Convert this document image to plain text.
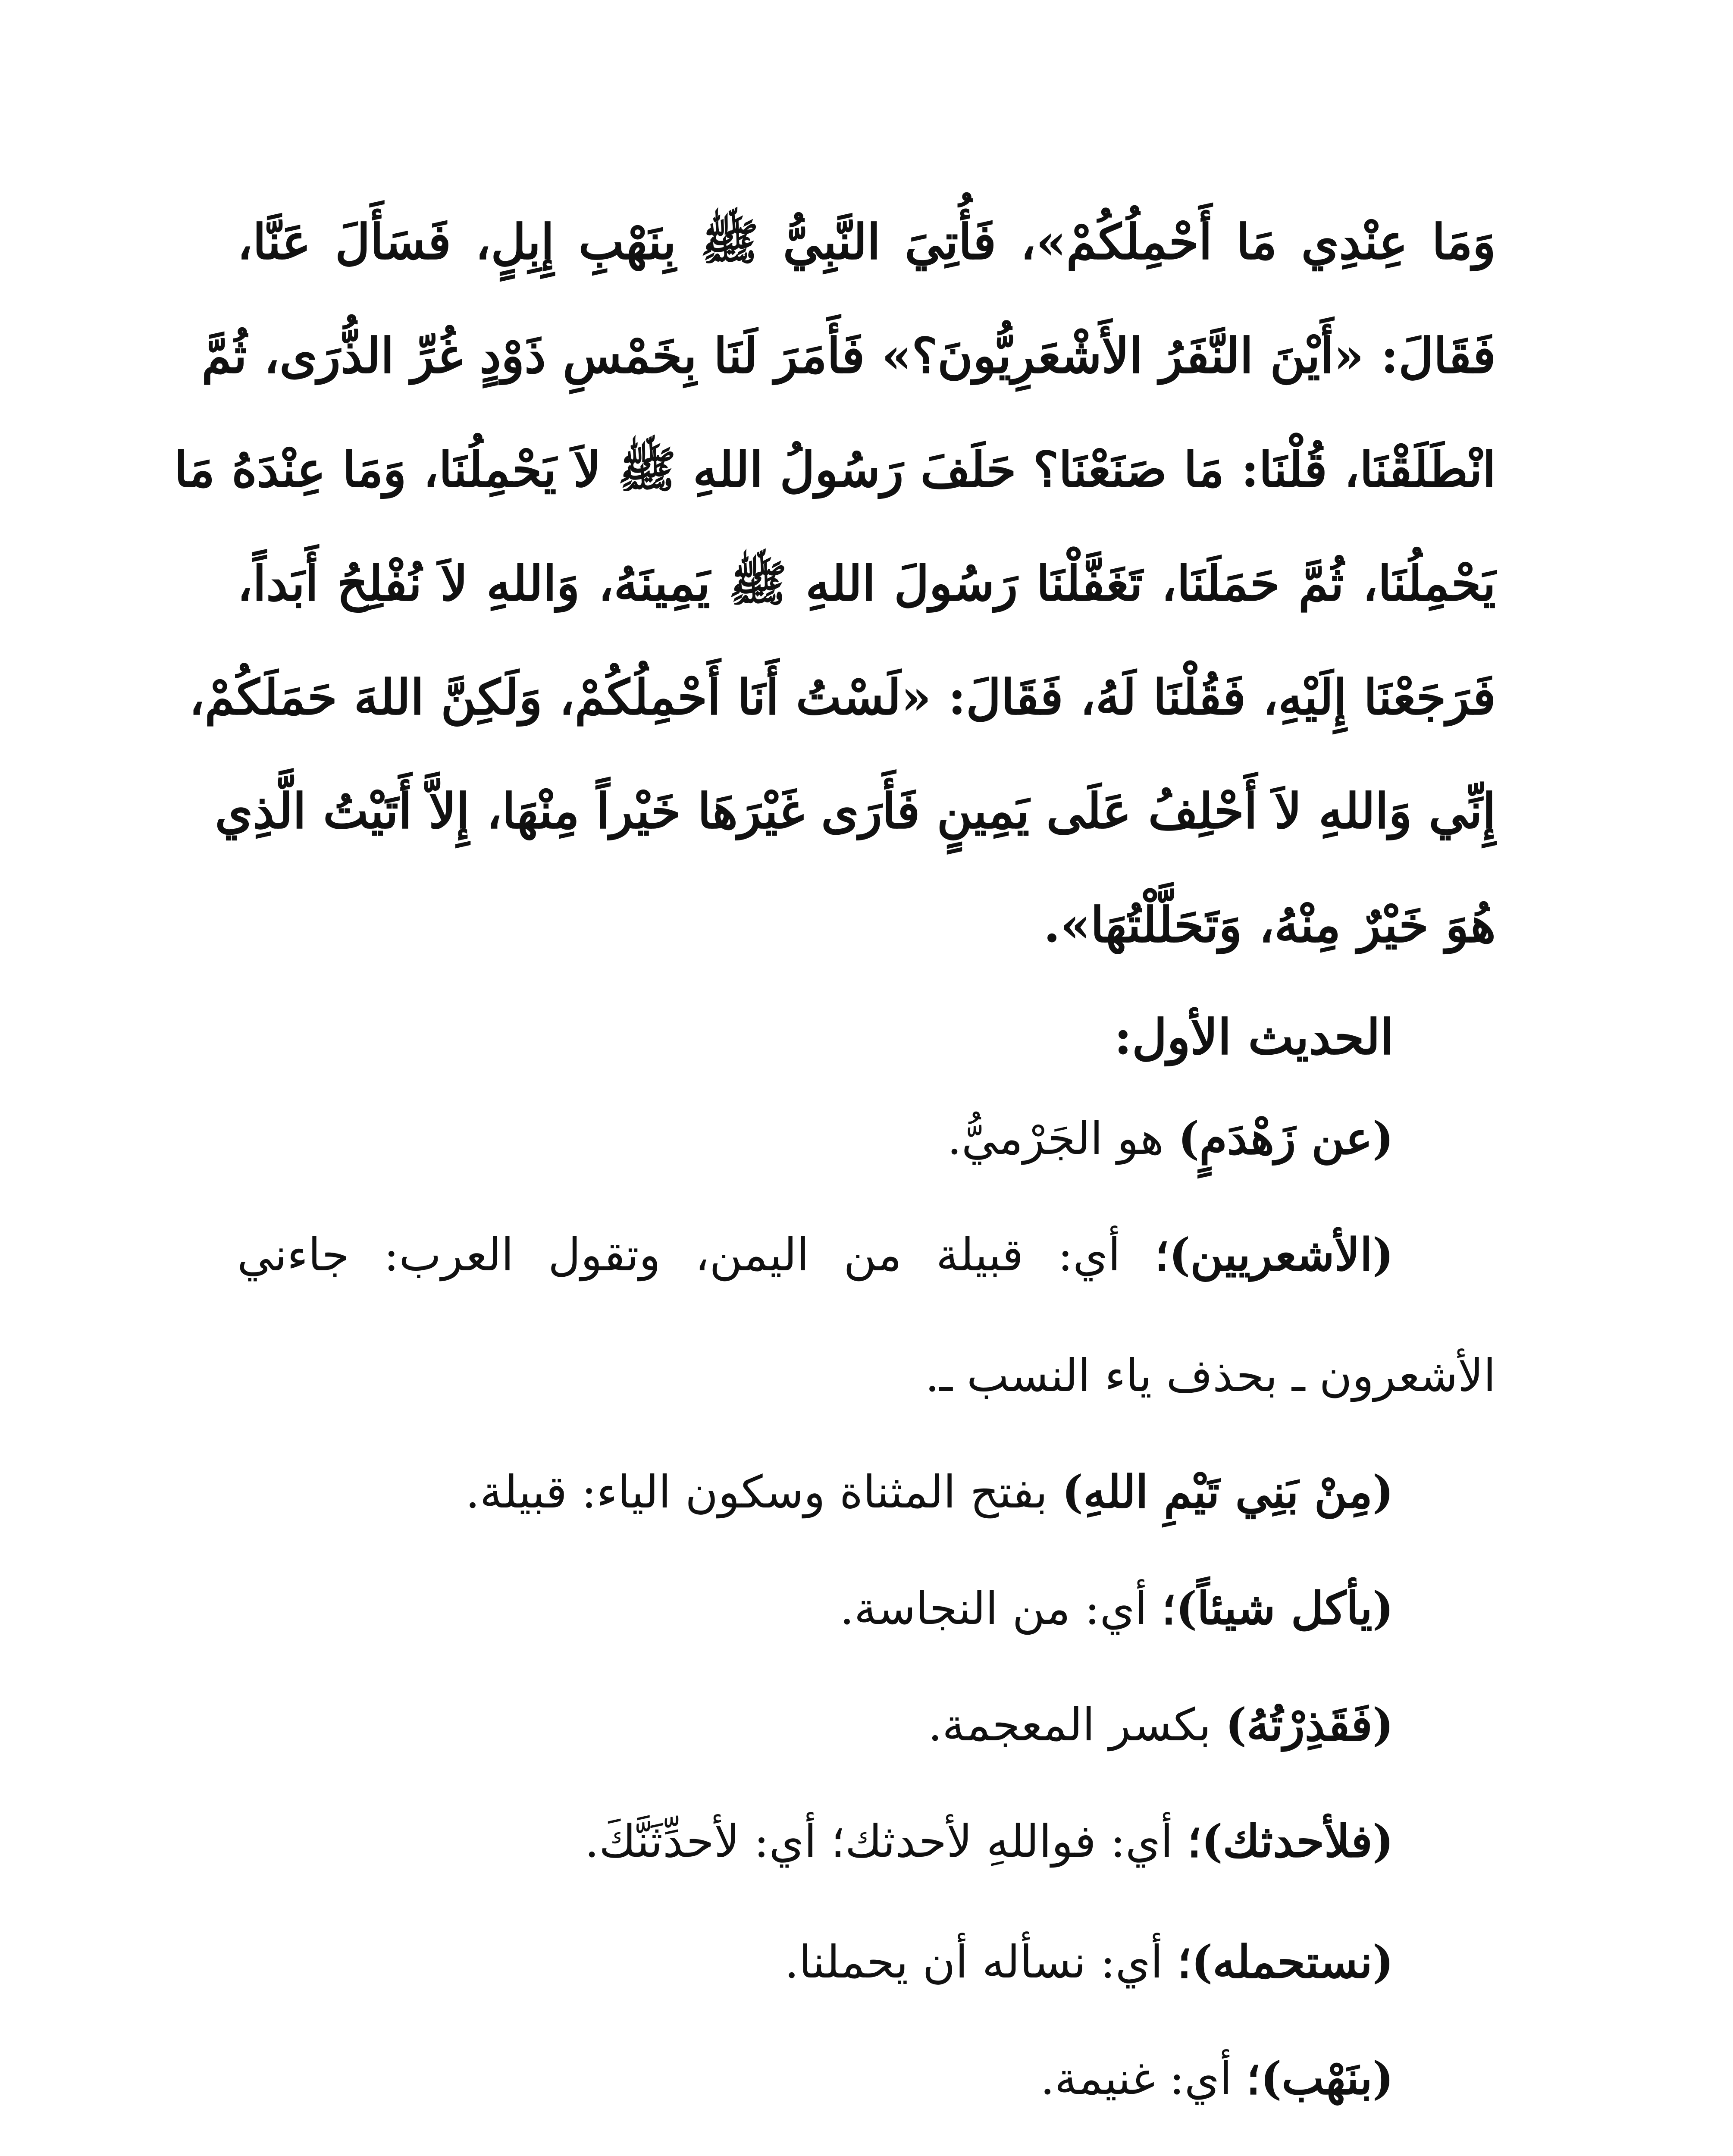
وَمَا عِنْدِي مَا أَحْمِلُكُمْ»، فَأُتِيَ النَّبِيُّ ﷺ بِنَهْبِ إِبِلٍ، فَسَأَلَ عَنَّا،

فَقَالَ: «أَيْنَ النَّفَرُ الأَشْعَرِيُّونَ؟» فَأَمَرَ لَنَا بِخَمْسِ ذَوْدٍ غُرِّ الذُّرَى، ثُمَّ

انْطَلَقْنَا، قُلْنَا: مَا صَنَعْنَا؟ حَلَفَ رَسُولُ اللهِ ﷺ لاَ يَحْمِلُنَا، وَمَا عِنْدَهُ مَا

يَحْمِلُنَا، ثُمَّ حَمَلَنَا، تَغَفَّلْنَا رَسُولَ اللهِ ﷺ يَمِينَهُ، وَاللهِ لاَ نُفْلِحُ أَبَداً،

فَرَجَعْنَا إِلَيْهِ، فَقُلْنَا لَهُ، فَقَالَ: «لَسْتُ أَنَا أَحْمِلُكُمْ، وَلَكِنَّ اللهَ حَمَلَكُمْ،

إِنِّي وَاللهِ لاَ أَحْلِفُ عَلَى يَمِينٍ فَأَرَى غَيْرَهَا خَيْراً مِنْهَا، إِلاَّ أَتَيْتُ الَّذِي

هُوَ خَيْرٌ مِنْهُ، وَتَحَلَّلْتُهَا».

الحديث الأول:

(عن زَهْدَمٍ) هو الجَرْميُّ.

(الأشعريين)؛ أي: قبيلة من اليمن، وتقول العرب: جاءني

الأشعرون ـ بحذف ياء النسب ـ.

(مِنْ بَنِي تَيْمِ اللهِ) بفتح المثناة وسكون الياء: قبيلة.

(يأكل شيئاً)؛ أي: من النجاسة.

(فَقَذِرْتُهُ) بكسر المعجمة.

(فلأحدثك)؛ أي: فواللهِ لأحدثك؛ أي: لأحدِّثَنَّكَ.

(نستحمله)؛ أي: نسأله أن يحملنا.

(بنَهْب)؛ أي: غنيمة.
